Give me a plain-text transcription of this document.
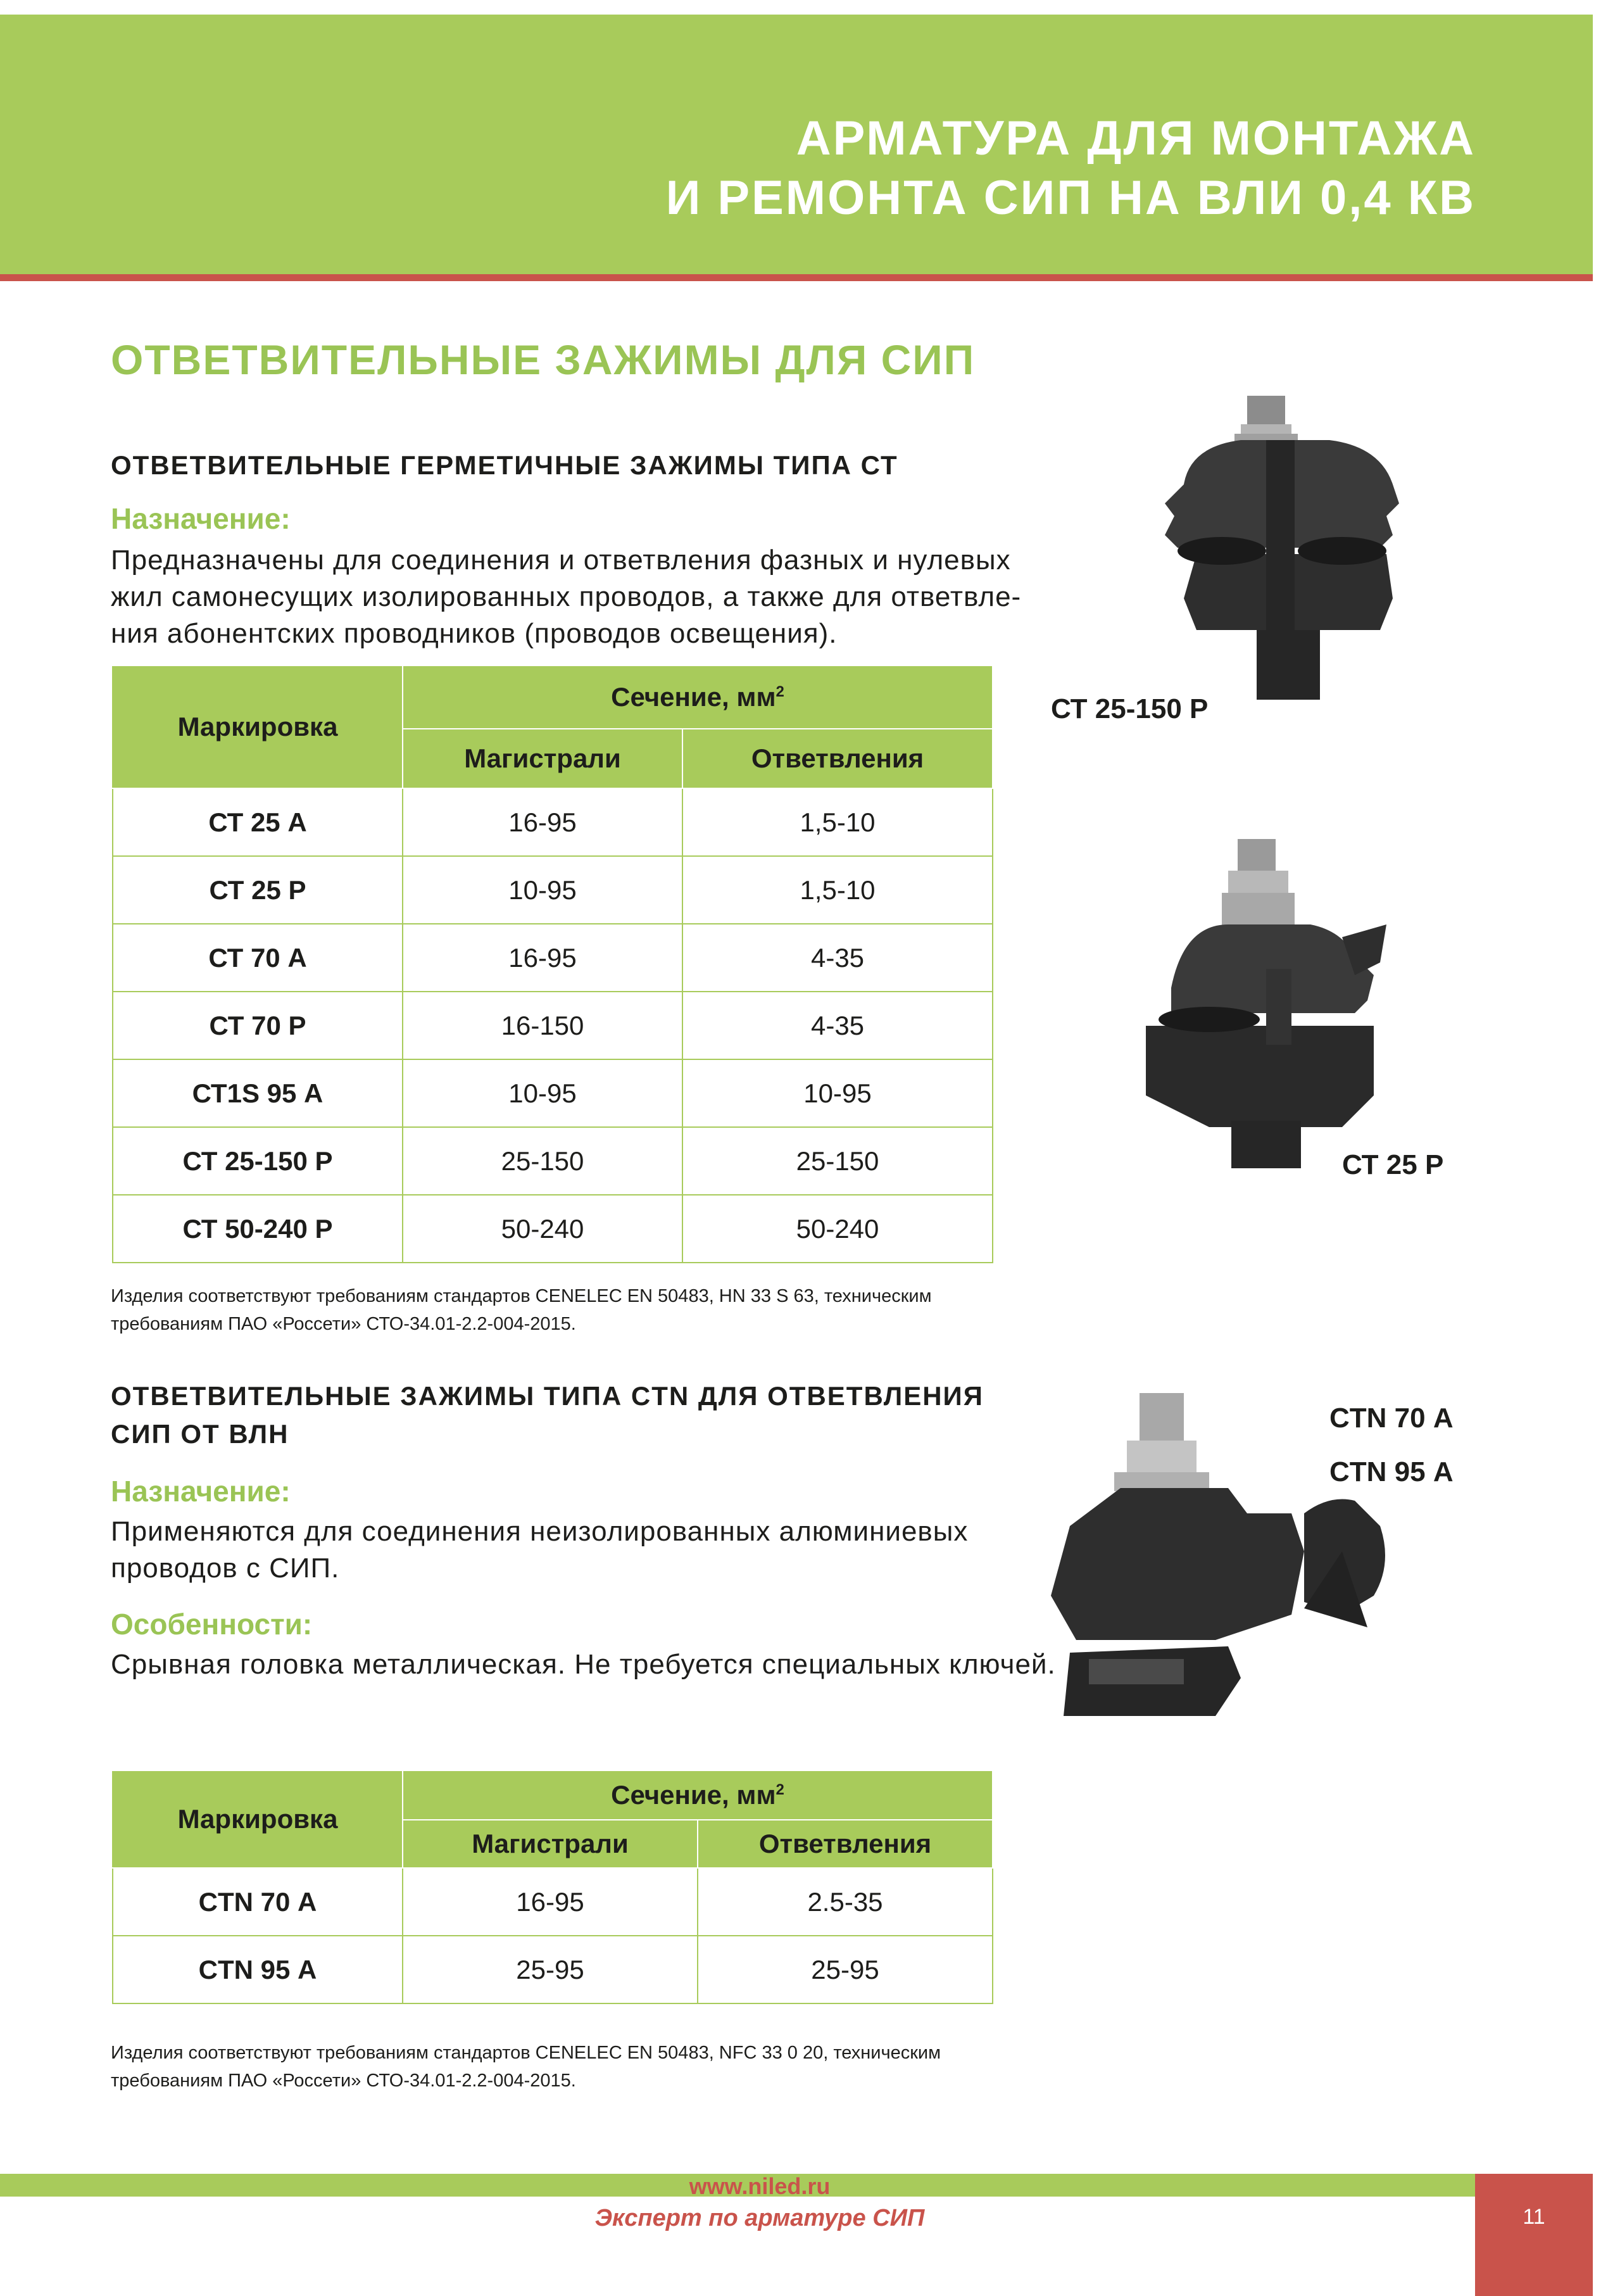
АРМАТУРА ДЛЯ МОНТАЖА
И РЕМОНТА СИП НА ВЛИ 0,4 КВ
ОТВЕТВИТЕЛЬНЫЕ ЗАЖИМЫ ДЛЯ СИП
ОТВЕТВИТЕЛЬНЫЕ ГЕРМЕТИЧНЫЕ ЗАЖИМЫ ТИПА СТ
Назначение:
Предназначены для соединения и ответвления фазных и нулевых
жил самонесущих изолированных проводов, а также для ответвле-
ния абонентских проводников (проводов освещения).
Маркировка	Сечение, $мм^2$
	Магистрали	Ответвления
СТ 25 А	16-95	1,5-10
СТ 25 Р	10-95	1,5-10
СТ 70 А	16-95	4-35
СТ 70 Р	16-150	4-35
СТ1S 95 А	10-95	10-95
СТ 25-150 Р	25-150	25-150
СТ 50-240 Р	50-240	50-240
Изделия соответствуют требованиям стандартов CENELEC EN 50483, HN 33 S 63, техническим
требованиям ПАО «Россети» СТО-34.01-2.2-004-2015.
СТ 25-150 Р
СТ 25 Р
ОТВЕТВИТЕЛЬНЫЕ ЗАЖИМЫ ТИПА CTN ДЛЯ ОТВЕТВЛЕНИЯ
СИП ОТ ВЛН
Назначение:
Применяются для соединения неизолированных алюминиевых
проводов с СИП.
Особенности:
Срывная головка металлическая. Не требуется специальных ключей.
Маркировка	Сечение, $мм^2$
	Магистрали	Ответвления
CTN 70 А	16-95	2.5-35
CTN 95 А	25-95	25-95
Изделия соответствуют требованиям стандартов CENELEC EN 50483, NFC 33 0 20, техническим
требованиям ПАО «Россети» СТО-34.01-2.2-004-2015.
CTN 70 А
CTN 95 А
www.niled.ru
Эксперт по арматуре СИП	11
